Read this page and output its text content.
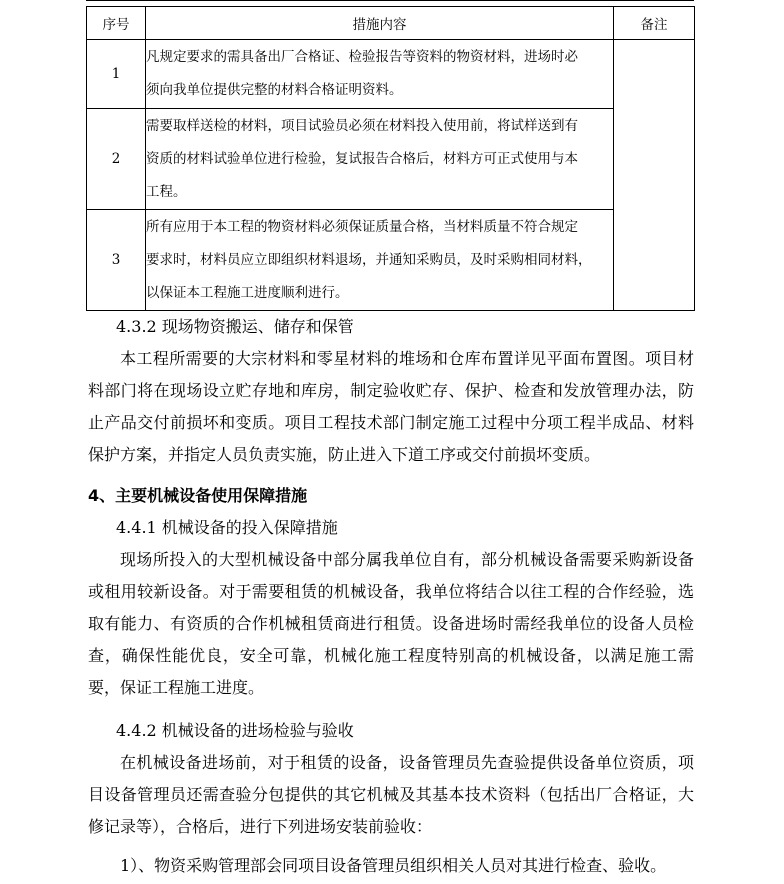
序号	措施内容	备注
1	凡规定要求的需具备出厂合格证、检验报告等资料的物资材料，进场时必
须向我单位提供完整的材料合格证明资料。	

2	需要取样送检的材料，项目试验员必须在材料投入使用前，将试样送到有
资质的材料试验单位进行检验，复试报告合格后，材料方可正式使用与本
工程。	

3	所有应用于本工程的物资材料必须保证质量合格，当材料质量不符合规定
要求时，材料员应立即组织材料退场，并通知采购员，及时采购相同材料，
以保证本工程施工进度顺利进行。	
4.3.2 现场物资搬运、储存和保管
本工程所需要的大宗材料和零星材料的堆场和仓库布置详见平面布置图。项目材料部门将在现场设立贮存地和库房，制定验收贮存、保护、检查和发放管理办法，防止产品交付前损坏和变质。项目工程技术部门制定施工过程中分项工程半成品、材料保护方案，并指定人员负责实施，防止进入下道工序或交付前损坏变质。
4、主要机械设备使用保障措施
4.4.1 机械设备的投入保障措施
现场所投入的大型机械设备中部分属我单位自有，部分机械设备需要采购新设备或租用较新设备。对于需要租赁的机械设备，我单位将结合以往工程的合作经验，选取有能力、有资质的合作机械租赁商进行租赁。设备进场时需经我单位的设备人员检查，确保性能优良，安全可靠，机械化施工程度特别高的机械设备，以满足施工需要，保证工程施工进度。
4.4.2 机械设备的进场检验与验收
在机械设备进场前，对于租赁的设备，设备管理员先查验提供设备单位资质，项目设备管理员还需查验分包提供的其它机械及其基本技术资料（包括出厂合格证，大修记录等），合格后，进行下列进场安装前验收：
1）、物资采购管理部会同项目设备管理员组织相关人员对其进行检查、验收。
